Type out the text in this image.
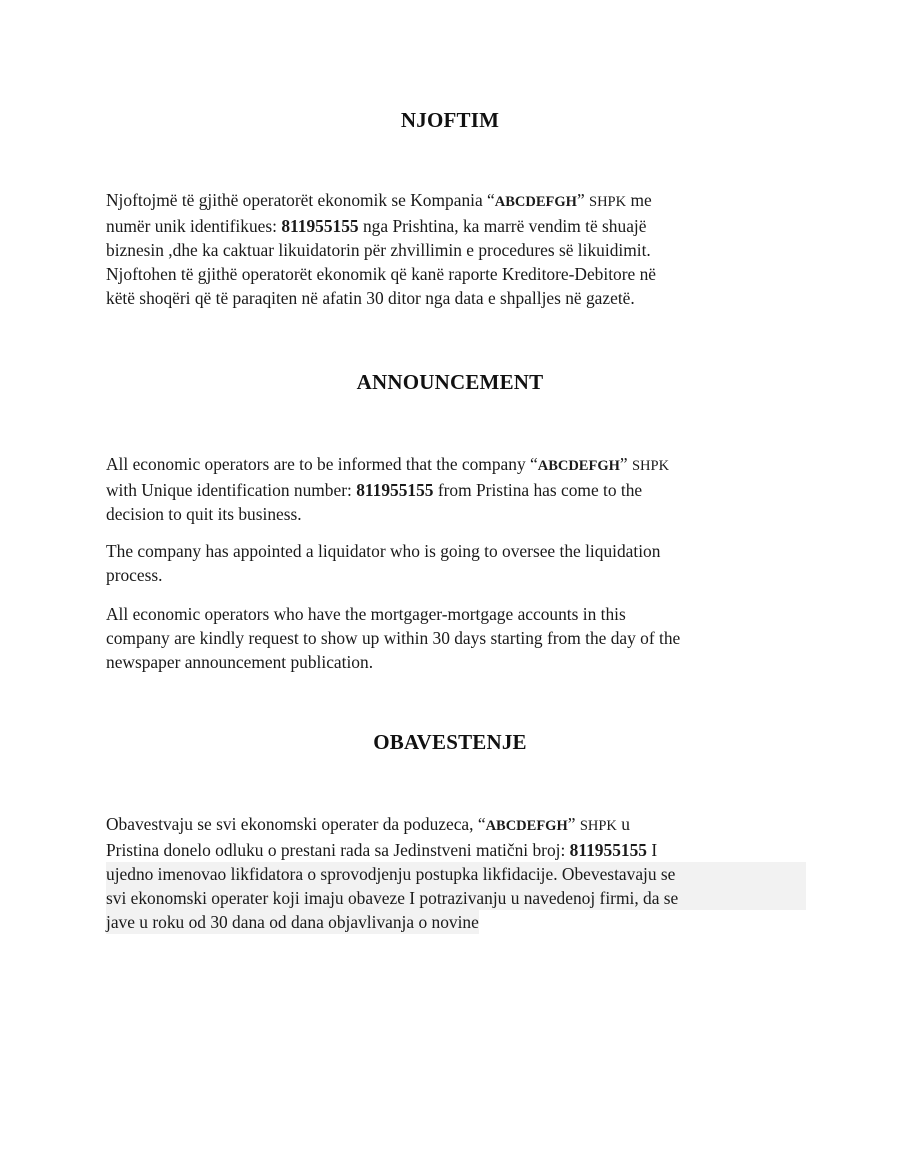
NJOFTIM
Njoftojmë të gjithë operatorët ekonomik se Kompania “ABCDEFGH” SHPK me
numër unik identifikues: 811955155 nga Prishtina, ka marrë vendim të shuajë
biznesin ,dhe ka caktuar likuidatorin për zhvillimin e procedures së likuidimit.
Njoftohen të gjithë operatorët ekonomik që kanë raporte Kreditore-Debitore në
këtë shoqëri që të paraqiten në afatin 30 ditor nga data e shpalljes në gazetë.
ANNOUNCEMENT
All economic operators are to be informed that the company “ABCDEFGH” SHPK
with Unique identification number: 811955155 from Pristina has come to the
decision to quit its business.
The company has appointed a liquidator who is going to oversee the liquidation
process.
All economic operators who have the mortgager-mortgage accounts in this
company are kindly request to show up within 30 days starting from the day of the
newspaper announcement publication.
OBAVESTENJE
Obavestvaju se svi ekonomski operater da poduzeca, “ABCDEFGH” SHPK u
Pristina donelo odluku o prestani rada sa Jedinstveni matični broj: 811955155 I
ujedno imenovao likfidatora o sprovodjenju postupka likfidacije. Obevestavaju se
svi ekonomski operater koji imaju obaveze I potrazivanju u navedenoj firmi, da se
jave u roku od 30 dana od dana objavlivanja o novine
